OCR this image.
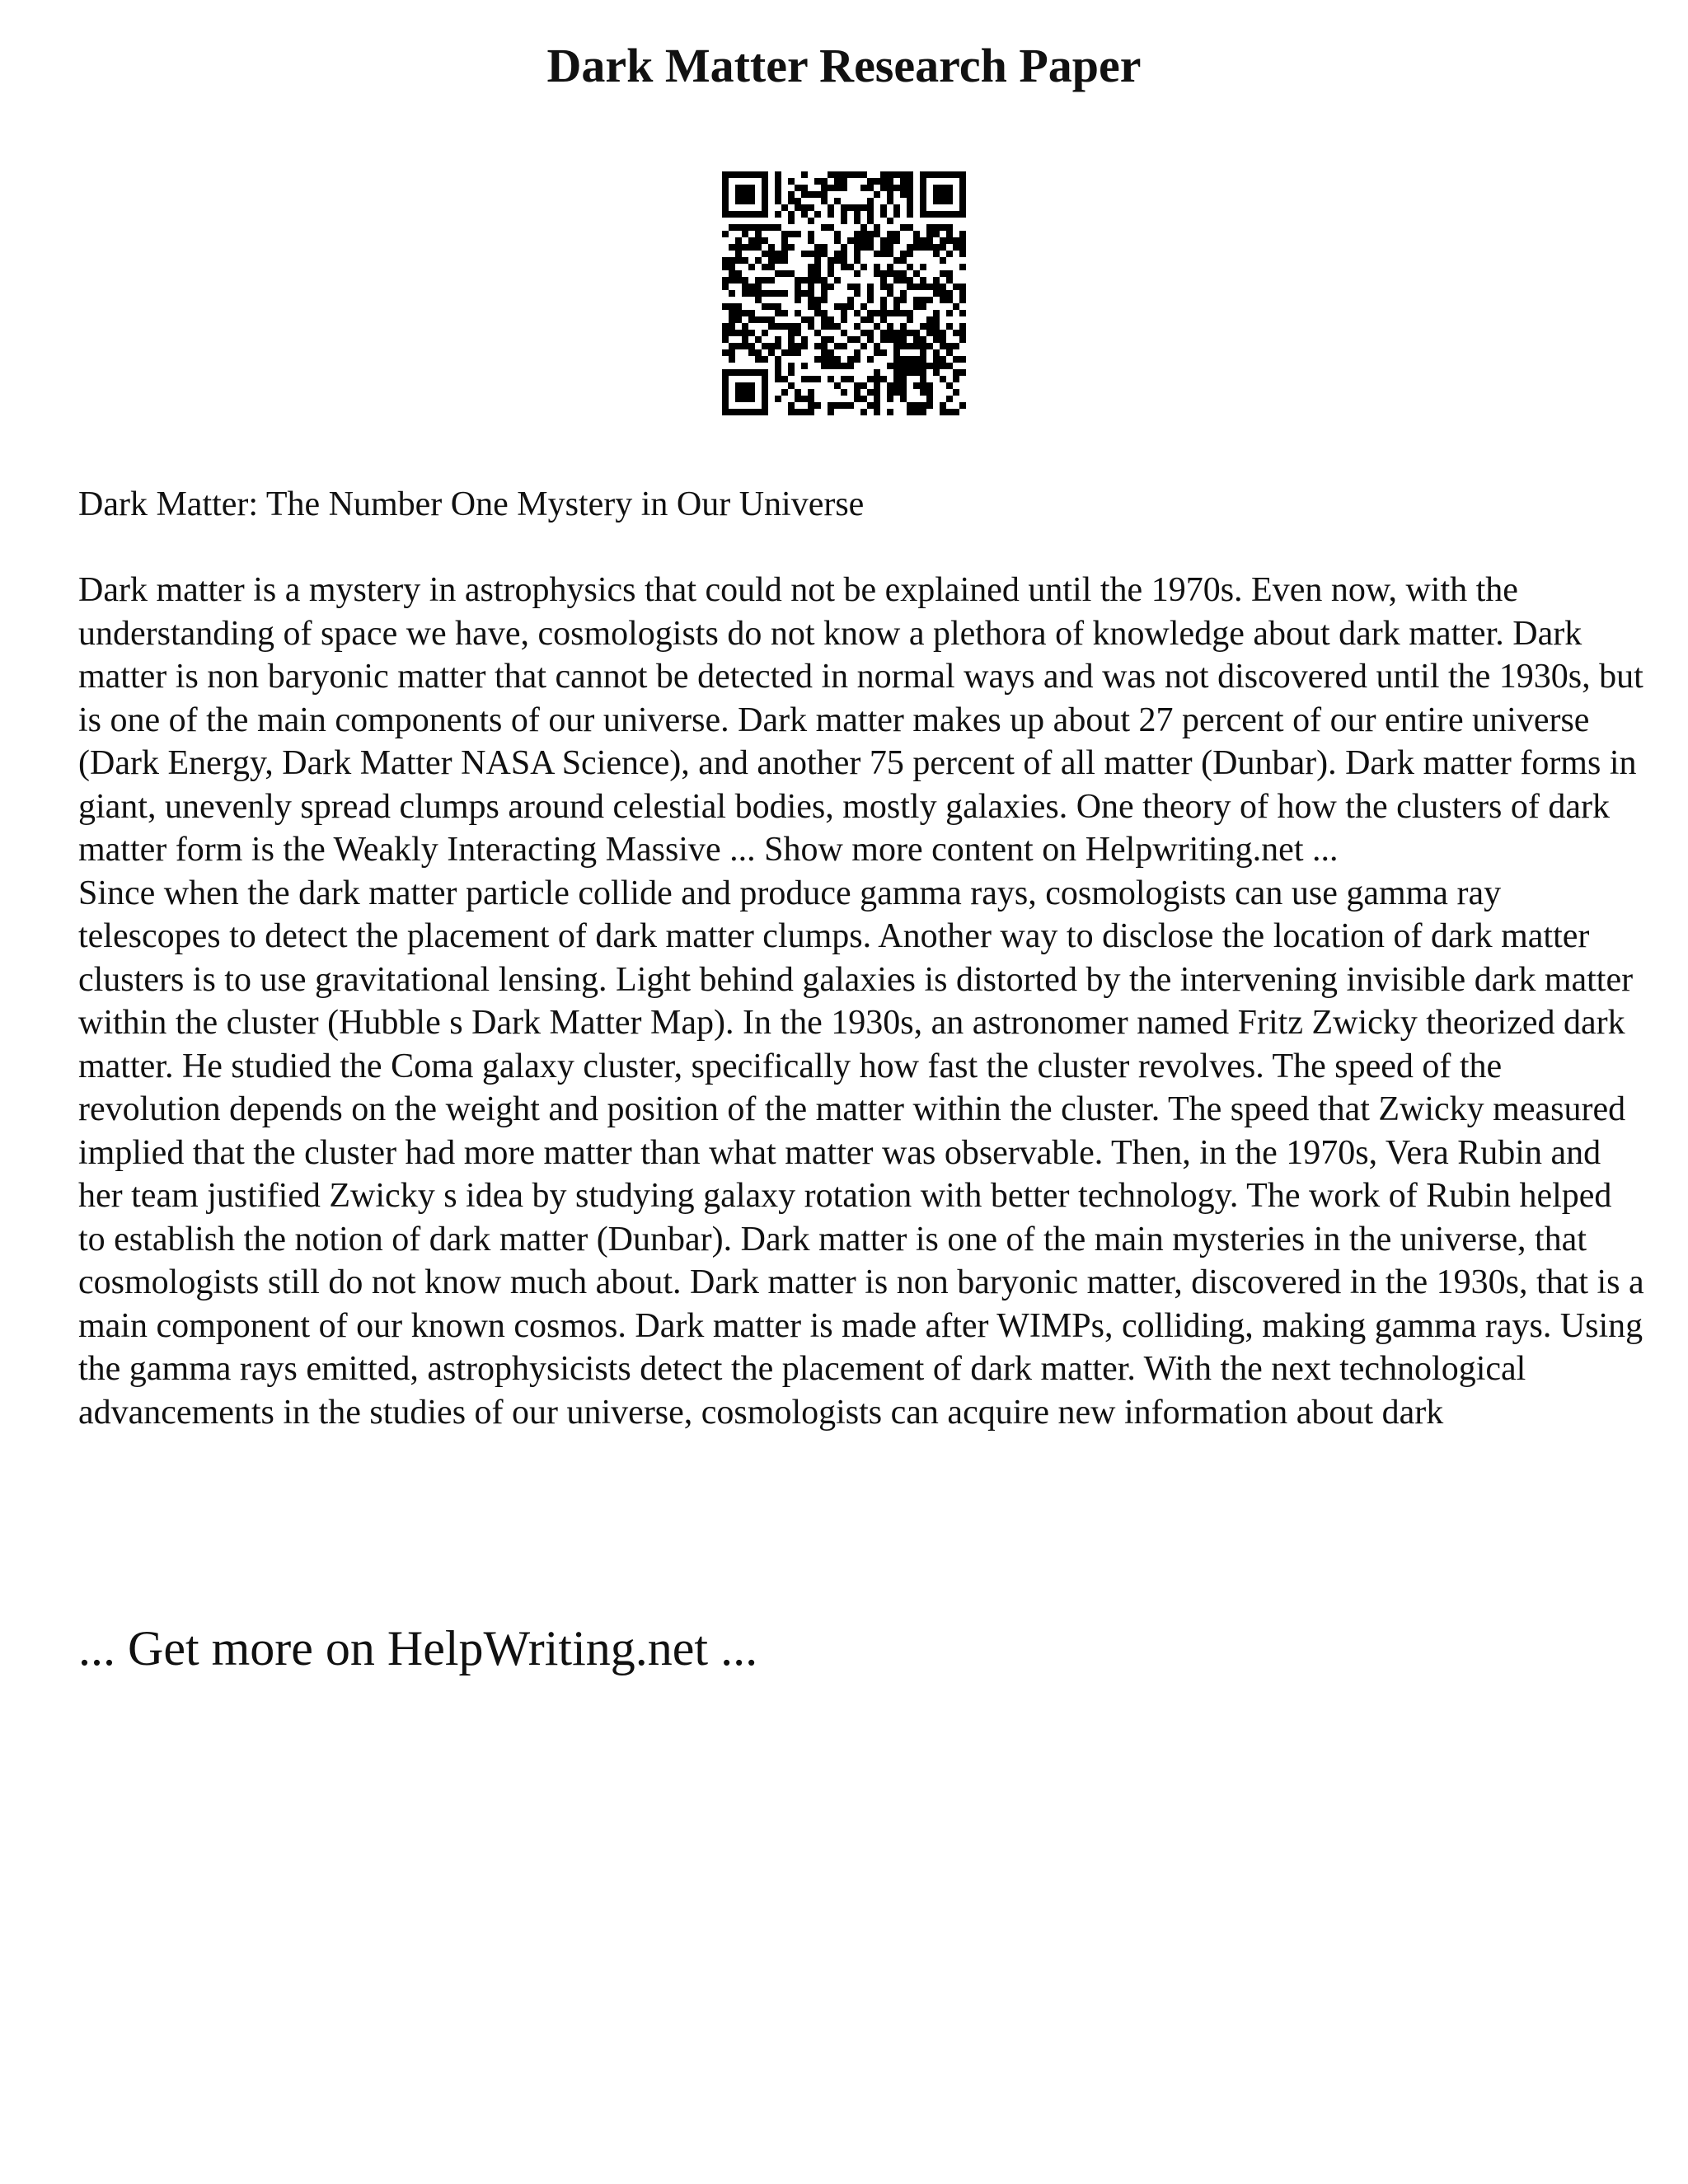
Dark Matter Research Paper

Dark Matter: The Number One Mystery in Our Universe

Dark matter is a mystery in astrophysics that could not be explained until the 1970s. Even now, with the understanding of space we have, cosmologists do not know a plethora of knowledge about dark matter. Dark matter is non baryonic matter that cannot be detected in normal ways and was not discovered until the 1930s, but is one of the main components of our universe. Dark matter makes up about 27 percent of our entire universe (Dark Energy, Dark Matter NASA Science), and another 75 percent of all matter (Dunbar). Dark matter forms in giant, unevenly spread clumps around celestial bodies, mostly galaxies. One theory of how the clusters of dark matter form is the Weakly Interacting Massive ... Show more content on Helpwriting.net ...

Since when the dark matter particle collide and produce gamma rays, cosmologists can use gamma ray telescopes to detect the placement of dark matter clumps. Another way to disclose the location of dark matter clusters is to use gravitational lensing. Light behind galaxies is distorted by the intervening invisible dark matter within the cluster (Hubble s Dark Matter Map). In the 1930s, an astronomer named Fritz Zwicky theorized dark matter. He studied the Coma galaxy cluster, specifically how fast the cluster revolves. The speed of the revolution depends on the weight and position of the matter within the cluster. The speed that Zwicky measured implied that the cluster had more matter than what matter was observable. Then, in the 1970s, Vera Rubin and her team justified Zwicky s idea by studying galaxy rotation with better technology. The work of Rubin helped to establish the notion of dark matter (Dunbar). Dark matter is one of the main mysteries in the universe, that cosmologists still do not know much about. Dark matter is non baryonic matter, discovered in the 1930s, that is a main component of our known cosmos. Dark matter is made after WIMPs, colliding, making gamma rays. Using the gamma rays emitted, astrophysicists detect the placement of dark matter. With the next technological advancements in the studies of our universe, cosmologists can acquire new information about dark

... Get more on HelpWriting.net ...
